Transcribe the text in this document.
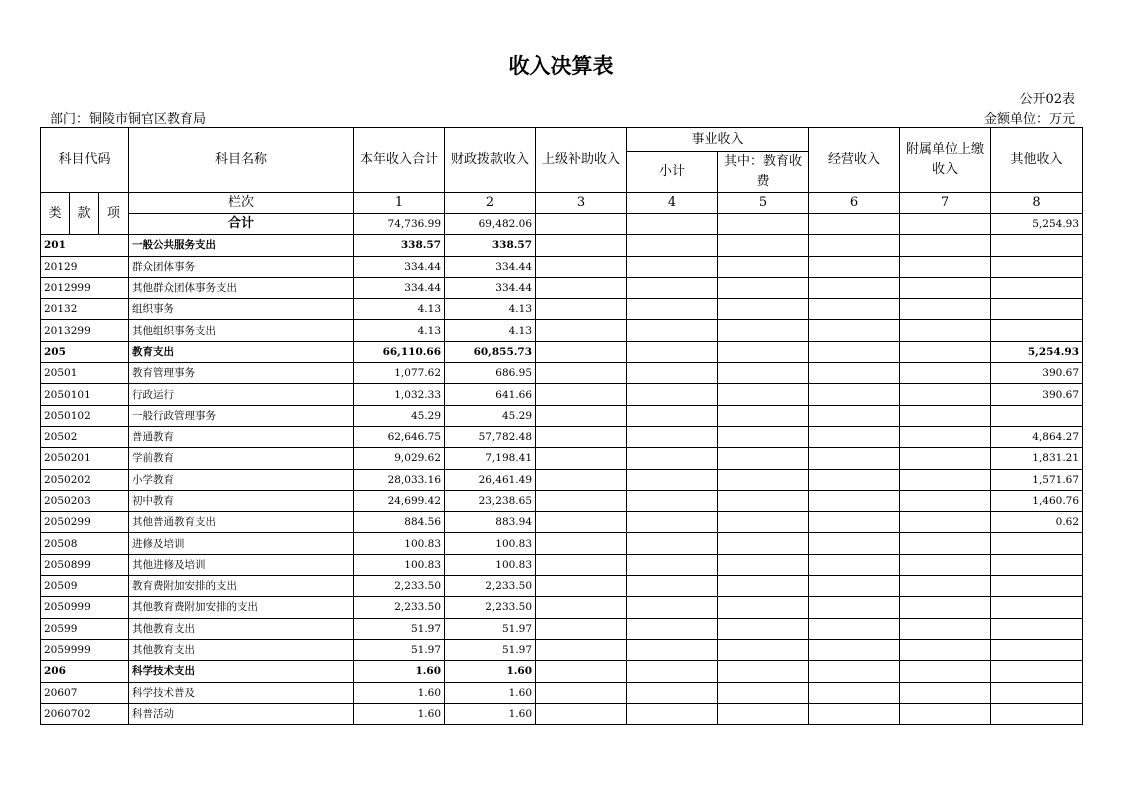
收入决算表
公开02表
部门：铜陵市铜官区教育局	金额单位：万元
科目代码			科目名称	本年收入合计	财政拨款收入	上级补助收入	事业收入		经营收入	附属单位上缴收入	其他收入
							小计	其中：教育收费			
类	款	项	栏次	1	2	3	4	5	6	7	8
			合计	74,736.99	69,482.06						5,254.93
201			一般公共服务支出	338.57	338.57						
20129			群众团体事务	334.44	334.44						
2012999			其他群众团体事务支出	334.44	334.44						
20132			组织事务	4.13	4.13						
2013299			其他组织事务支出	4.13	4.13						
205			教育支出	66,110.66	60,855.73						5,254.93
20501			教育管理事务	1,077.62	686.95						390.67
2050101			行政运行	1,032.33	641.66						390.67
2050102			一般行政管理事务	45.29	45.29						
20502			普通教育	62,646.75	57,782.48						4,864.27
2050201			学前教育	9,029.62	7,198.41						1,831.21
2050202			小学教育	28,033.16	26,461.49						1,571.67
2050203			初中教育	24,699.42	23,238.65						1,460.76
2050299			其他普通教育支出	884.56	883.94						0.62
20508			进修及培训	100.83	100.83						
2050899			其他进修及培训	100.83	100.83						
20509			教育费附加安排的支出	2,233.50	2,233.50						
2050999			其他教育费附加安排的支出	2,233.50	2,233.50						
20599			其他教育支出	51.97	51.97						
2059999			其他教育支出	51.97	51.97						
206			科学技术支出	1.60	1.60						
20607			科学技术普及	1.60	1.60						
2060702			科普活动	1.60	1.60						
